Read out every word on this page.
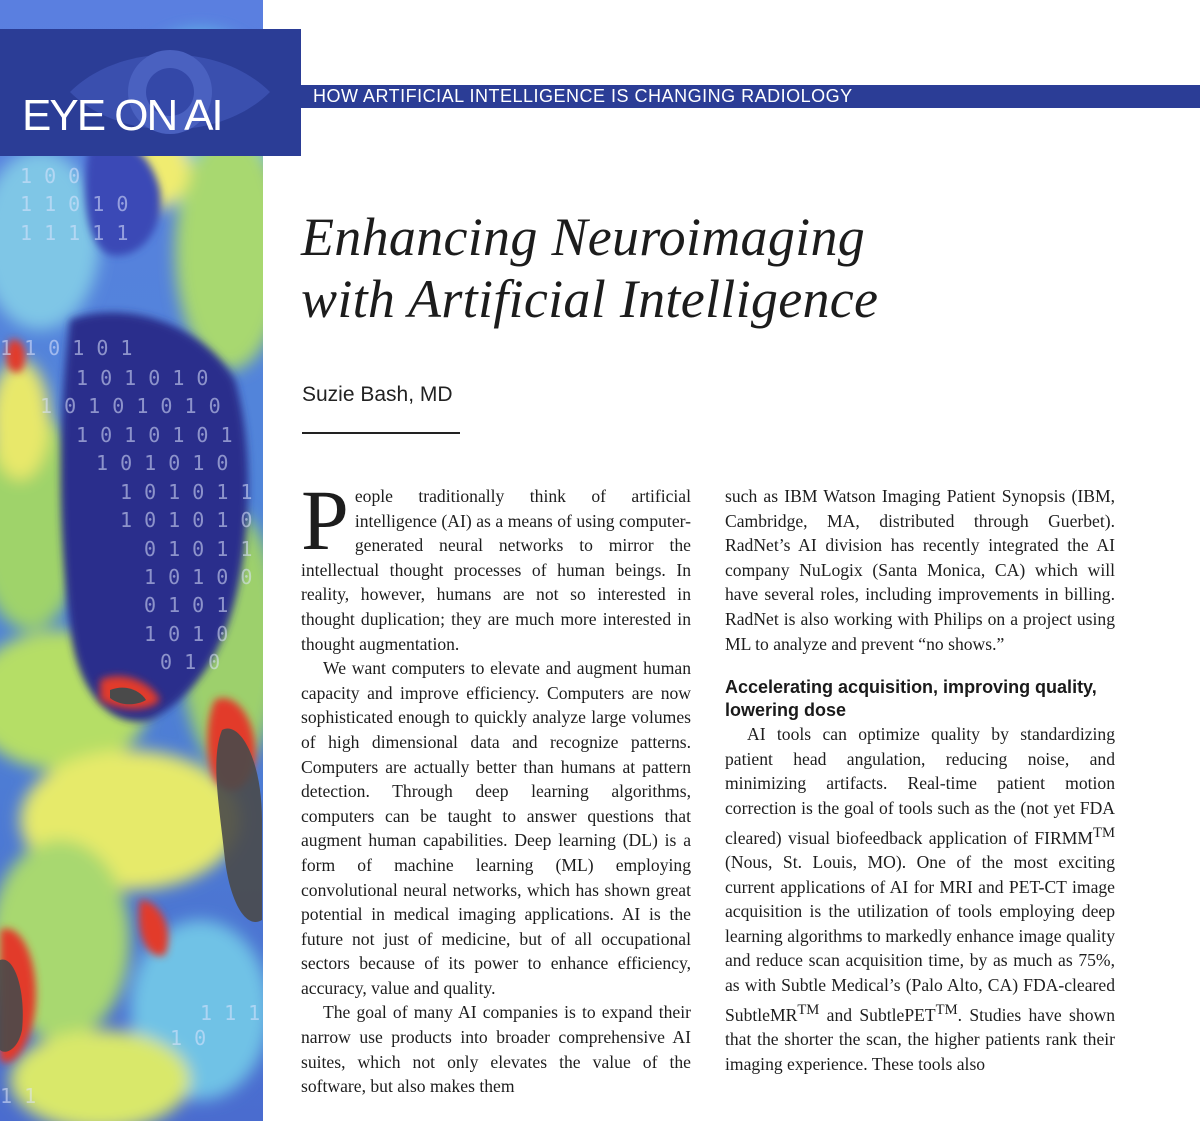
1 0 0
1 1 0 1 0
1 1 1 1 1
1 1 0 1 0 1
1 0 1 0 1 0
1 0 1 0 1 0 1 0
1 0 1 0 1 0 1
1 0 1 0 1 0
1 0 1 0 1 1
1 0 1 0 1 0
0 1 0 1 1
1 0 1 0 0
0 1 0 1
1 0 1 0
0 1 0
1 1 1
1 0
1 1
EYE ON AI	HOW ARTIFICIAL INTELLIGENCE IS CHANGING RADIOLOGY
Enhancing Neuroimaging
with Artificial Intelligence
Suzie Bash, MD

People traditionally think of artificial intelligence (AI) as a means of using computer-generated neural networks to mirror the intellectual thought processes of human beings. In reality, however, humans are not so interested in thought duplication; they are much more interested in thought augmentation.

We want computers to elevate and augment human capacity and improve efficiency. Computers are now sophisticated enough to quickly analyze large volumes of high dimensional data and recognize patterns. Computers are actually better than humans at pattern detection. Through deep learning algorithms, computers can be taught to answer questions that augment human capabilities. Deep learning (DL) is a form of machine learning (ML) employing convolutional neural networks, which has shown great potential in medical imaging applications. AI is the future not just of medicine, but of all occupational sectors because of its power to enhance efficiency, accuracy, value and quality.

The goal of many AI companies is to expand their narrow use products into broader comprehensive AI suites, which not only elevates the value of the software, but also makes them

such as IBM Watson Imaging Patient Synopsis (IBM, Cambridge, MA, distributed through Guerbet). RadNet’s AI division has recently integrated the AI company NuLogix (Santa Monica, CA) which will have several roles, including improvements in billing. RadNet is also working with Philips on a project using ML to analyze and prevent “no shows.”

Accelerating acquisition, improving quality, lowering dose

AI tools can optimize quality by standardizing patient head angulation, reducing noise, and minimizing artifacts. Real-time patient motion correction is the goal of tools such as the (not yet FDA cleared) visual biofeedback application of FIRMM™ (Nous, St. Louis, MO). One of the most exciting current applications of AI for MRI and PET-CT image acquisition is the utilization of tools employing deep learning algorithms to markedly enhance image quality and reduce scan acquisition time, by as much as 75%, as with Subtle Medical’s (Palo Alto, CA) FDA-cleared SubtleMR™ and SubtlePET™. Studies have shown that the shorter the scan, the higher patients rank their imaging experience. These tools also
